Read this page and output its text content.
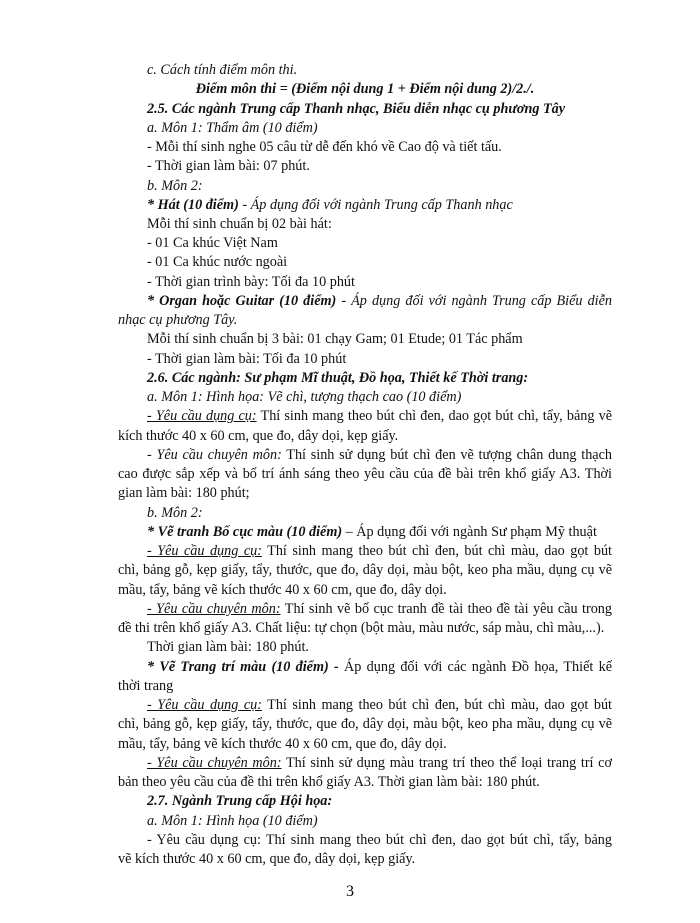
c. Cách tính điểm môn thi.
Điểm môn thi = (Điểm nội dung 1 + Điểm nội dung 2)/2./.
2.5. Các ngành Trung cấp Thanh nhạc, Biểu diễn nhạc cụ phương Tây
a. Môn 1: Thẩm âm (10 điểm)
- Mỗi thí sinh nghe 05 câu từ dễ đến khó về Cao độ và tiết tấu.
- Thời gian làm bài: 07 phút.
b. Môn 2:
* Hát (10 điểm) - Áp dụng đối với ngành Trung cấp Thanh nhạc
Mỗi thí sinh chuẩn bị 02 bài hát:
- 01 Ca khúc Việt Nam
- 01 Ca khúc nước ngoài
- Thời gian trình bày: Tối đa 10 phút
* Organ hoặc Guitar (10 điểm) - Áp dụng đối với ngành Trung cấp Biểu diễn
nhạc cụ phương Tây.
Mỗi thí sinh chuẩn bị 3 bài: 01 chạy Gam; 01 Etude; 01 Tác phẩm
- Thời gian làm bài: Tối đa 10 phút
2.6. Các ngành: Sư phạm Mĩ thuật, Đồ họa, Thiết kế Thời trang:
a. Môn 1: Hình họa: Vẽ chì, tượng thạch cao (10 điểm)
- Yêu cầu dụng cụ: Thí sinh mang theo bút chì đen, dao gọt bút chì, tẩy, bảng vẽ
kích thước 40 x 60 cm, que đo, dây dọi, kẹp giấy.
- Yêu cầu chuyên môn: Thí sinh sử dụng bút chì đen vẽ tượng chân dung thạch
cao được sắp xếp và bố trí ánh sáng theo yêu cầu của đề bài trên khổ giấy A3. Thời
gian làm bài: 180 phút;
b. Môn 2:
* Vẽ tranh Bố cục màu (10 điểm) – Áp dụng đối với ngành Sư phạm Mỹ thuật
- Yêu cầu dụng cụ: Thí sinh mang theo bút chì đen, bút chì màu, dao gọt bút
chì, bảng gỗ, kẹp giấy, tẩy, thước, que đo, dây dọi, màu bột, keo pha mầu, dụng cụ vẽ
mầu, tẩy, bảng vẽ kích thước 40 x 60 cm, que đo, dây dọi.
- Yêu cầu chuyên môn: Thí sinh vẽ bố cục tranh đề tài theo đề tài yêu cầu trong
đề thi trên khổ giấy A3. Chất liệu: tự chọn (bột màu, màu nước, sáp màu, chì màu,...).
Thời gian làm bài: 180 phút.
* Vẽ Trang trí màu (10 điểm) - Áp dụng đối với các ngành Đồ họa, Thiết kế
thời trang
- Yêu cầu dụng cụ: Thí sinh mang theo bút chì đen, bút chì màu, dao gọt bút
chì, bảng gỗ, kẹp giấy, tẩy, thước, que đo, dây dọi, màu bột, keo pha mầu, dụng cụ vẽ
mầu, tẩy, bảng vẽ kích thước 40 x 60 cm, que đo, dây dọi.
- Yêu cầu chuyên môn: Thí sinh sử dụng màu trang trí theo thể loại trang trí cơ
bản theo yêu cầu của đề thi trên khổ giấy A3. Thời gian làm bài: 180 phút.
2.7. Ngành Trung cấp Hội họa:
a. Môn 1: Hình họa (10 điểm)
- Yêu cầu dụng cụ: Thí sinh mang theo bút chì đen, dao gọt bút chì, tẩy, bảng
vẽ kích thước 40 x 60 cm, que đo, dây dọi, kẹp giấy.
3
